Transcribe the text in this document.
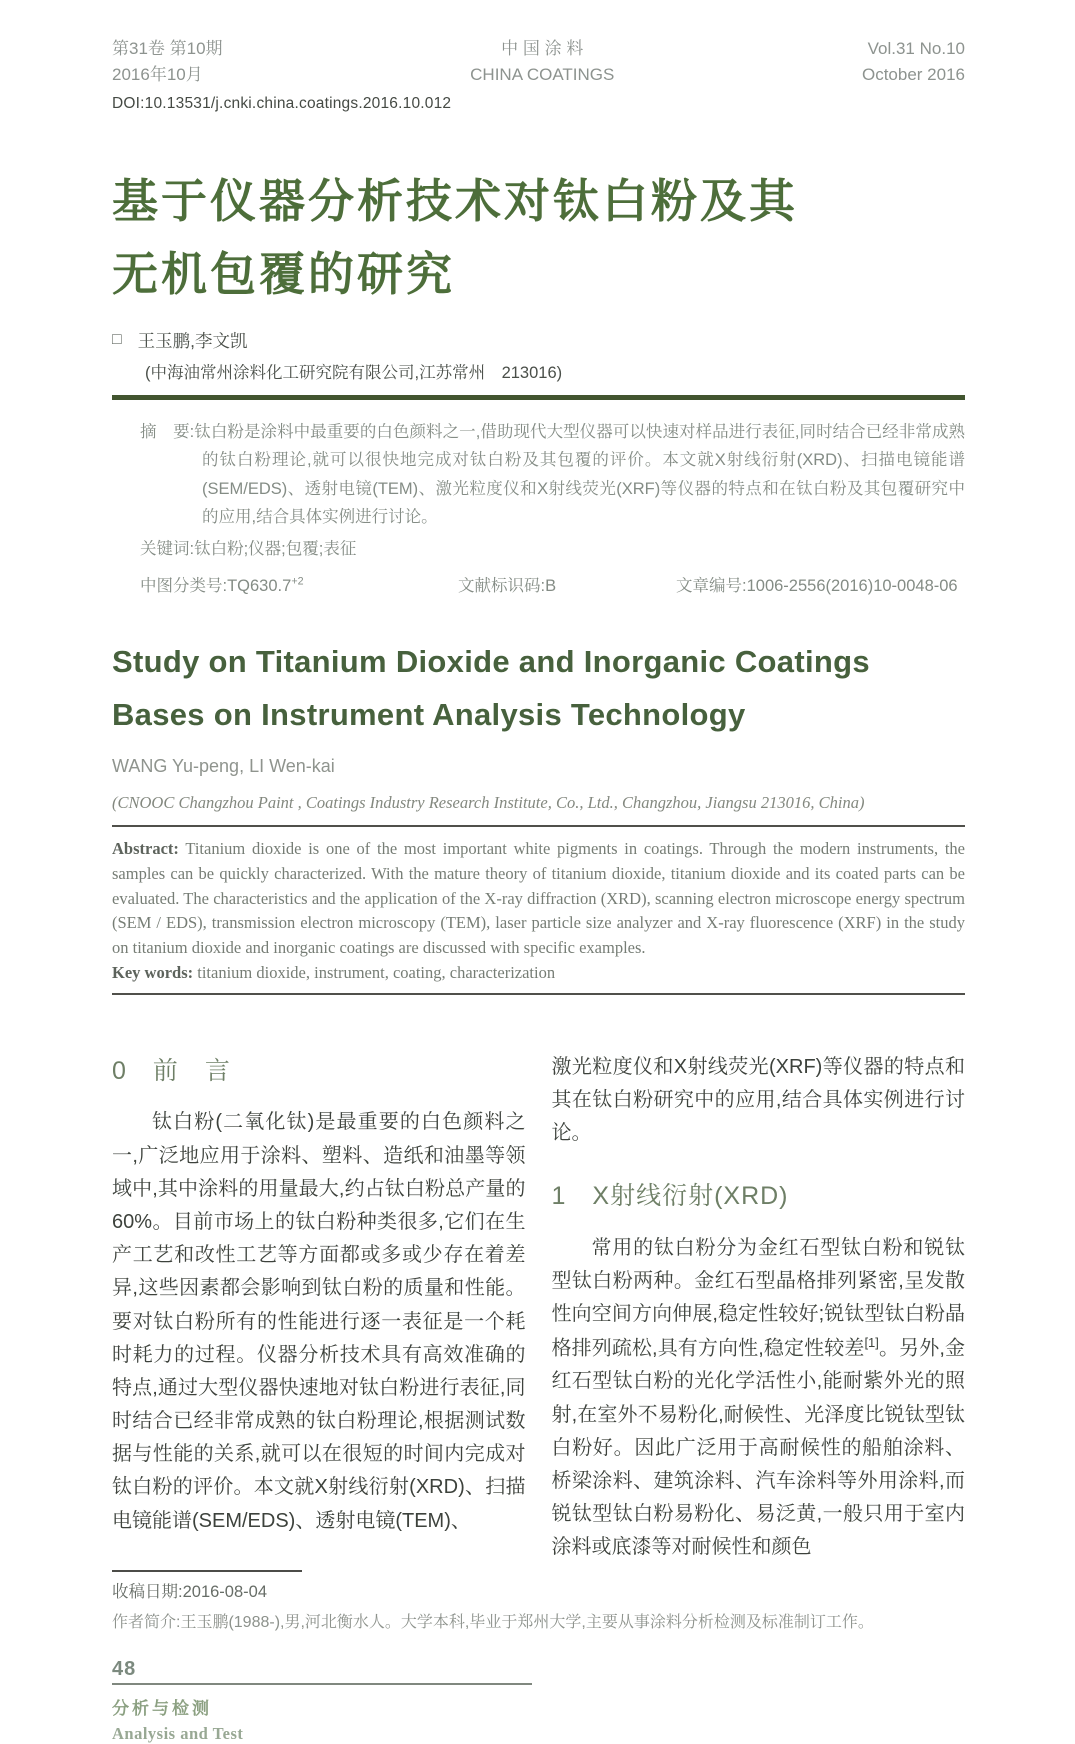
第31卷 第10期
2016年10月
中 国 涂 料
CHINA COATINGS
Vol.31 No.10
October 2016
DOI:10.13531/j.cnki.china.coatings.2016.10.012
基于仪器分析技术对钛白粉及其
无机包覆的研究
□ 王玉鹏,李文凯
(中海油常州涂料化工研究院有限公司,江苏常州　213016)
摘　要:钛白粉是涂料中最重要的白色颜料之一,借助现代大型仪器可以快速对样品进行表征,同时结合已经非常成熟的钛白粉理论,就可以很快地完成对钛白粉及其包覆的评价。本文就X射线衍射(XRD)、扫描电镜能谱(SEM/EDS)、透射电镜(TEM)、激光粒度仪和X射线荧光(XRF)等仪器的特点和在钛白粉及其包覆研究中的应用,结合具体实例进行讨论。
关键词:钛白粉;仪器;包覆;表征
中图分类号$:TQ630.7^{+2}$	文献标识码:B	文章编号:1006-2556(2016)10-0048-06
Study on Titanium Dioxide and Inorganic Coatings
Bases on Instrument Analysis Technology
WANG Yu-peng, LI Wen-kai
(CNOOC Changzhou Paint , Coatings Industry Research Institute, Co., Ltd., Changzhou, Jiangsu 213016, China)
Abstract: Titanium dioxide is one of the most important white pigments in coatings. Through the modern instruments, the samples can be quickly characterized. With the mature theory of titanium dioxide, titanium dioxide and its coated parts can be evaluated. The characteristics and the application of the X-ray diffraction (XRD), scanning electron microscope energy spectrum (SEM / EDS), transmission electron microscopy (TEM), laser particle size analyzer and X-ray fluorescence (XRF) in the study on titanium dioxide and inorganic coatings are discussed with specific examples.
Key words: titanium dioxide, instrument, coating, characterization
0　前　言
钛白粉(二氧化钛)是最重要的白色颜料之一,广泛地应用于涂料、塑料、造纸和油墨等领域中,其中涂料的用量最大,约占钛白粉总产量的60%。目前市场上的钛白粉种类很多,它们在生产工艺和改性工艺等方面都或多或少存在着差异,这些因素都会影响到钛白粉的质量和性能。要对钛白粉所有的性能进行逐一表征是一个耗时耗力的过程。仪器分析技术具有高效准确的特点,通过大型仪器快速地对钛白粉进行表征,同时结合已经非常成熟的钛白粉理论,根据测试数据与性能的关系,就可以在很短的时间内完成对钛白粉的评价。本文就X射线衍射(XRD)、扫描电镜能谱(SEM/EDS)、透射电镜(TEM)、
激光粒度仪和X射线荧光(XRF)等仪器的特点和其在钛白粉研究中的应用,结合具体实例进行讨论。
1　X射线衍射(XRD)
常用的钛白粉分为金红石型钛白粉和锐钛型钛白粉两种。金红石型晶格排列紧密,呈发散性向空间方向伸展,稳定性较好;锐钛型钛白粉晶格排列疏松,具有方向性,稳定性较差[1]。另外,金红石型钛白粉的光化学活性小,能耐紫外光的照射,在室外不易粉化,耐候性、光泽度比锐钛型钛白粉好。因此广泛用于高耐候性的船舶涂料、桥梁涂料、建筑涂料、汽车涂料等外用涂料,而锐钛型钛白粉易粉化、易泛黄,一般只用于室内涂料或底漆等对耐候性和颜色
收稿日期:2016-08-04
作者简介:王玉鹏(1988-),男,河北衡水人。大学本科,毕业于郑州大学,主要从事涂料分析检测及标准制订工作。
48
分析与检测
Analysis and Test
